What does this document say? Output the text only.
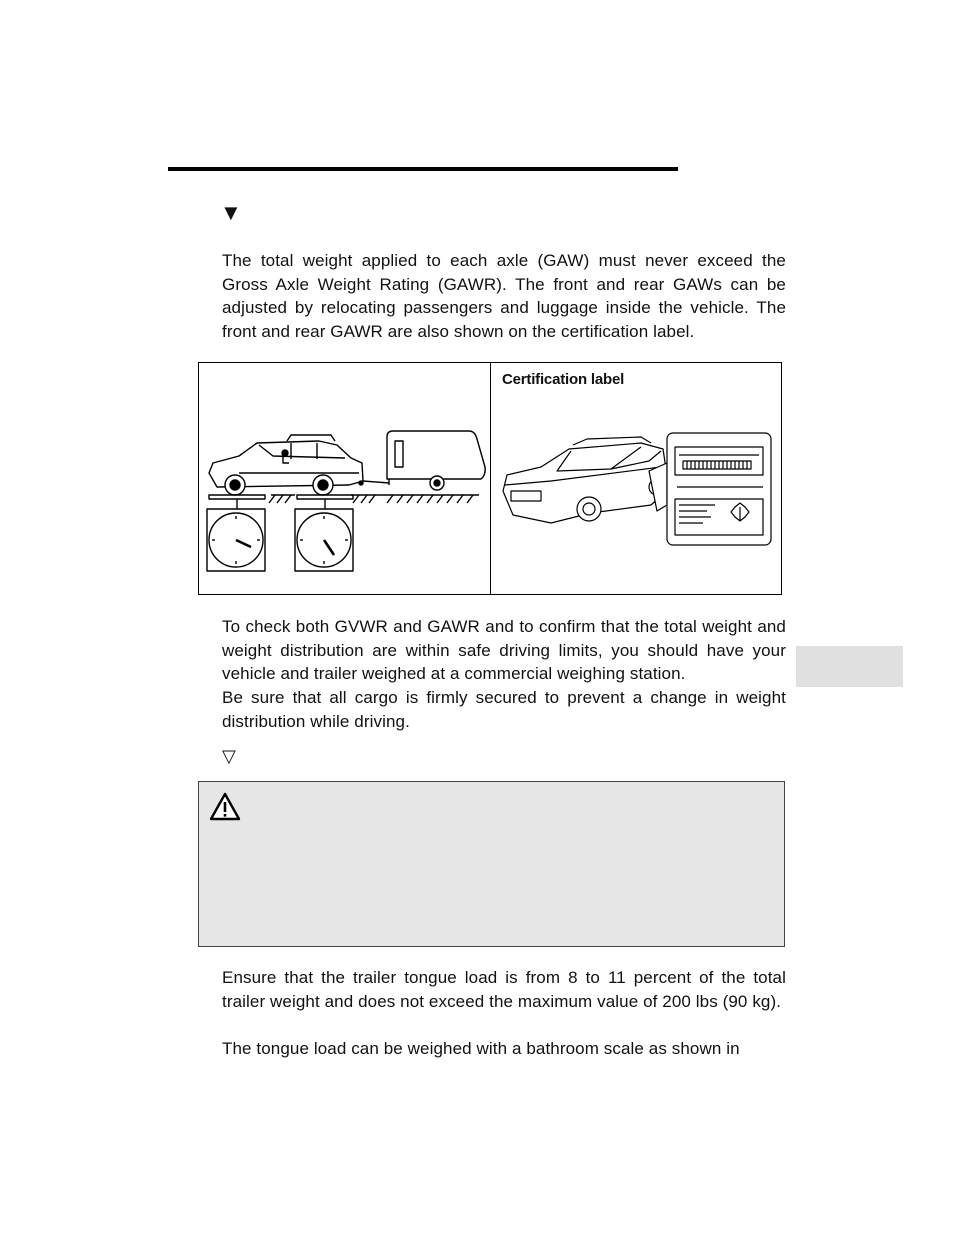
▼

The total weight applied to each axle (GAW) must never exceed the Gross Axle Weight Rating (GAWR). The front and rear GAWs can be adjusted by relocating passengers and luggage inside the vehicle. The front and rear GAWR are also shown on the certification label.

Certification label

To check both GVWR and GAWR and to confirm that the total weight and weight distribution are within safe driving limits, you should have your vehicle and trailer weighed at a commercial weighing station.

Be sure that all cargo is firmly secured to prevent a change in weight distribution while driving.

▽

Ensure that the trailer tongue load is from 8 to 11 percent of the total trailer weight and does not exceed the maximum value of 200 lbs (90 kg).

The tongue load can be weighed with a bathroom scale as shown in
